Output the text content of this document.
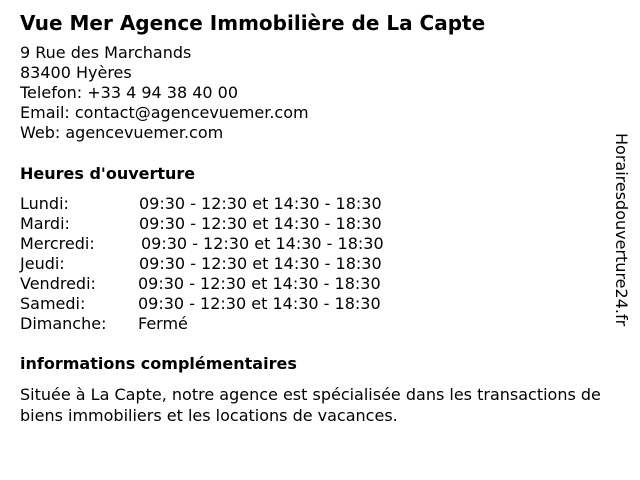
Vue Mer Agence Immobilière de La Capte
9 Rue des Marchands
83400 Hyères
Telefon: +33 4 94 38 40 00
Email: contact@agencevuemer.com
Web: agencevuemer.com
Heures d'ouverture
Lundi:	09:30 - 12:30 et 14:30 - 18:30
Mardi:	09:30 - 12:30 et 14:30 - 18:30
Mercredi:	09:30 - 12:30 et 14:30 - 18:30
Jeudi:	09:30 - 12:30 et 14:30 - 18:30
Vendredi:	09:30 - 12:30 et 14:30 - 18:30
Samedi:	09:30 - 12:30 et 14:30 - 18:30
Dimanche: Fermé
informations complémentaires
Située à La Capte, notre agence est spécialisée dans les transactions de biens immobiliers et les locations de vacances.
Horairesdouverture24.fr
